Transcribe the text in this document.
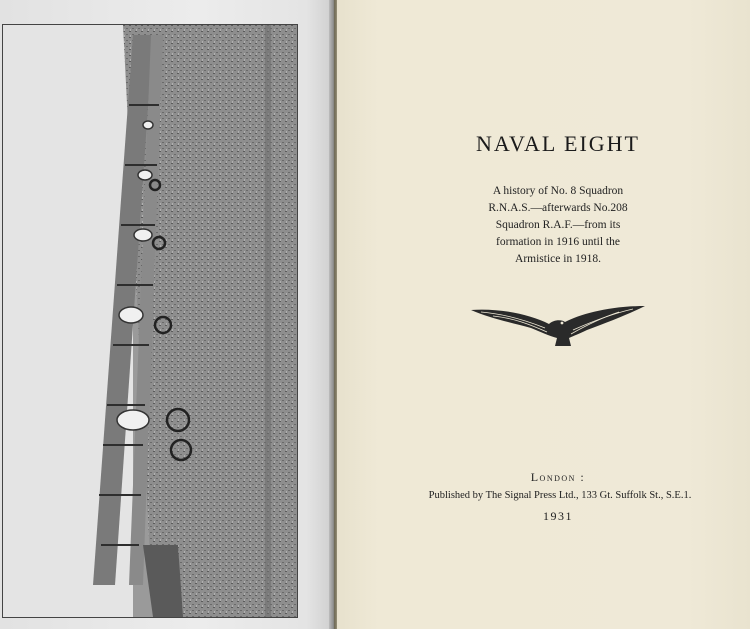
NAVAL EIGHT
A history of No. 8 Squadron
R.N.A.S.—afterwards No.208
Squadron R.A.F.—from its
formation in 1916 until the
Armistice in 1918.
London :
Published by The Signal Press Ltd., 133 Gt. Suffolk St., S.E.1.
1931
